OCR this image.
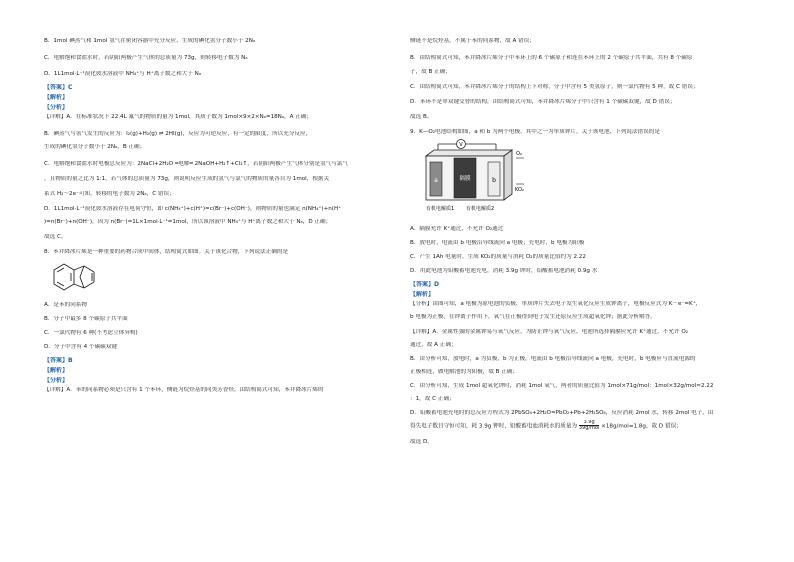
B．1mol 碘蒸气和 1mol 氢气在密闭容器中充分反应，生成的碘化氢分子数小于 2Nₐ

C．电解饱和食盐水时，若阴阳两极产生气体的总质量为 73g，则转移电子数为 Nₐ

D．1L1mol·L⁻¹溴化铵水溶液中 NH₄⁺与 H⁺离子数之和大于 Nₐ

【答案】C

【解析】

【分析】

【详解】A．在标准状况下 22.4L 氟气的物质的量为 1mol，其质子数为 1mol×9×2×Nₐ=18Nₐ，A 正确；

B．碘蒸气与氢气发生的反应为：I₂(g)+H₂(g) ⇌ 2HI(g)，反应为可逆反应，有一定的限度，所以充分反应，

生成的碘化氢分子数小于 2Nₐ，B 正确；

C．电解饱和食盐水时电极总反应为：2NaCl+2H₂O ═电解═ 2NaOH+H₂↑+Cl₂↑，若阴阳两极产生气体分别是氢气与氯气

，且物质的量之比为 1:1，若气体的总质量为 73g，则说明反应生成的氢气与氯气的物质的量各自为 1mol，根据关

系式 H₂～2e⁻可知，转移的电子数为 2Nₐ，C 错误；

D．1L1mol·L⁻¹溴化铵水溶液存在电荷守恒，即 c(NH₄⁺)+c(H⁺)=c(Br⁻)+c(OH⁻)，则物质的量也满足 n(NH₄⁺)+n(H⁺

)=n(Br⁻)+n(OH⁻)，因为 n(Br⁻)=1L×1mol·L⁻¹=1mol，所以该溶液中 NH₄⁺与 H⁺离子数之和大于 Nₐ，D 正确；

故选 C。

8．苯并降冰片烯是一种重要的药物合成中间体，结构简式如图。关于该化合物，下列说法正确的是

A．是苯的同系物

B．分子中最多 8 个碳原子共平面

C．一氯代物有 6 种(不考虑立体异构)

D．分子中含有 4 个碳碳双键

【答案】B

【解析】

【分析】

【详解】A．苯的同系物必须是只含有 1 个苯环，侧链为烷烃基的同类芳香烃，由结构简式可知，苯并降冰片烯的

侧链不是烷烃基，不属于苯的同系物，故 A 错误；

B．由结构简式可知，苯并降冰片烯分子中苯环上的 6 个碳原子和连在苯环上的 2 个碳原子共平面，共有 8 个碳原

子，故 B 正确；

C．由结构简式可知，苯并降冰片烯分子的结构上下对称，分子中含有 5 类氢原子，则一氯代物有 5 种，故 C 错误；

D．苯环不是单双键交替的结构，由结构简式可知，苯并降冰片烯分子中只含有 1 个碳碳双键，故 D 错误；

故选 B。

9．K—O₂电池结构如图，a 和 b 为两个电极，其中之一为单质钾片。关于该电池，下列说法错误的是

V
a	隔膜	b
O₂
KO₂
有机电解质1 有机电解质2

A．隔膜允许 K⁺通过，不允许 O₂通过

B．放电时，电流由 b 电极沿导线流向 a 电极；充电时，b 电极为阳极

C．产生 1Ah 电量时，生成 KO₂的质量与消耗 O₂的质量比值约为 2.22

D．用此电池为铅酸蓄电池充电，消耗 3.9g 钾时，铅酸蓄电池消耗 0.9g 水

【答案】D

【解析】

【分析】由图可知，a 电极为原电池的负极，单质钾片失去电子发生氧化反应生成钾离子，电极反应式为 K－e⁻=K⁺，

b 电极为正极，在钾离子作用下，氧气在正极得到电子发生还原反应生成超氧化钾；据此分析解答。

【详解】A．金属性强的金属钾易与氧气反应，为防止钾与氧气反应，电池所选择隔膜应允许 K⁺通过，不允许 O₂

通过，故 A 正确；

B．由分析可知，放电时，a 为负极，b 为正极，电流由 b 电极沿导线流向 a 电极，充电时，b 电极应与直流电源的

正极相连，做电解池的为阳极，故 B 正确；

C．由分析可知，生成 1mol 超氧化钾时，消耗 1mol 氧气，两者的质量比值为 1mol×71g/mol：1mol×32g/mol≈2.22

：1，故 C 正确；

D．铅酸蓄电池充电时的总反应方程式为 2PbSO₄+2H₂O=PbO₂+Pb+2H₂SO₄，反应消耗 2mol 水，转移 2mol 电子，由

得失电子数目守恒可知，耗 3.9g 钾时，铅酸蓄电池消耗水的质量为 $\frac{3.9g}{\text{39g/mol}} \times 18g/mol=1.8g$，故 D 错误；

故选 D。
